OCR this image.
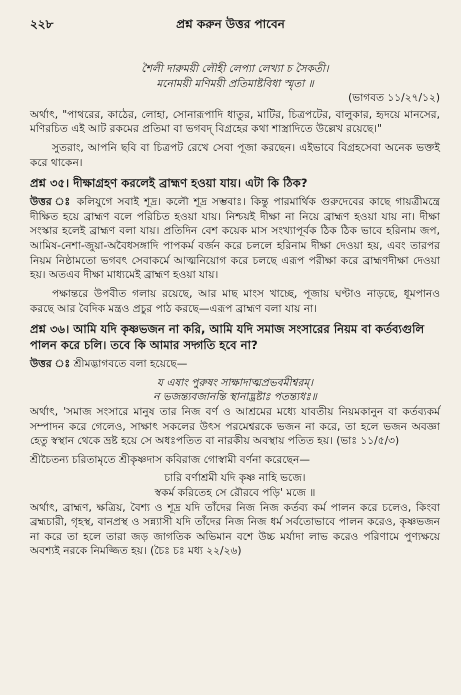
২২৮	প্রশ্ন করুন উত্তর পাবেন

শৈলী দারুময়ী লৌহী লেপ্যা লেখ্যা চ সৈকতী।

মনোময়ী মণিময়ী প্রতিমাষ্টবিধা স্মৃতা ॥

(ভাগবত ১১/২৭/১২)

অর্থাৎ, "পাথরের, কাঠের, লোহা, সোনারূপাদি ধাতুর, মাটির, চিত্রপটের, বালুকার, হৃদয়ে মানসের, মণিরচিত এই আট রকমের প্রতিমা বা ভগবদ্ বিগ্রহের কথা শাস্ত্রাদিতে উল্লেখ রয়েছে।"

সুতরাং, আপনি ছবি বা চিত্রপট রেখে সেবা পূজা করছেন। এইভাবে বিগ্রহসেবা অনেক ভক্তই করে থাকেন।

প্রশ্ন ৩৫। দীক্ষাগ্রহণ করলেই ব্রাহ্মণ হওয়া যায়। এটা কি ঠিক?

উত্তর ঃ কলিযুগে সবাই শূদ্র। কলৌ শূদ্র সম্ভবাঃ। কিন্তু পারমার্থিক গুরুদেবের কাছে গায়ত্রীমন্ত্রে দীক্ষিত হয়ে ব্রাহ্মণ বলে পরিচিত হওয়া যায়। নিশ্চয়ই দীক্ষা না নিয়ে ব্রাহ্মণ হওয়া যায় না। দীক্ষা সংস্কার হলেই ব্রাহ্মণ বলা যায়। প্রতিদিন বেশ কয়েক মাস সংখ্যাপূর্বক ঠিক ঠিক ভাবে হরিনাম জপ, আমিষ-নেশা-জুয়া-অবৈধসঙ্গাদি পাপকর্ম বর্জন করে চললে হরিনাম দীক্ষা দেওয়া হয়, এবং তারপর নিয়ম নিষ্ঠামতো ভগবৎ সেবাকর্মে আত্মনিয়োগ করে চলছে এরূপ পরীক্ষা করে ব্রাহ্মণদীক্ষা দেওয়া হয়। অতএব দীক্ষা মাধ্যমেই ব্রাহ্মণ হওয়া যায়।

পক্ষান্তরে উপবীত গলায় রয়েছে, আর মাছ মাংস খাচ্ছে, পূজায় ঘণ্টাও নাড়ছে, ধূমপানও করছে আর বৈদিক মন্ত্রও প্রচুর পাঠ করছে—এরূপ ব্রাহ্মণ বলা যায় না।

প্রশ্ন ৩৬। আমি যদি কৃষ্ণভজন না করি, আমি যদি সমাজ সংসারের নিয়ম বা কর্তব্যগুলি পালন করে চলি। তবে কি আমার সদ্গতি হবে না?

উত্তর ঃ শ্রীমদ্ভাগবতে বলা হয়েছে—

য এষাং পুরুষং সাক্ষাদাত্মপ্রভবমীশ্বরম্।

ন ভজন্ত্যবজানন্তি স্থানাদ্ভ্রষ্টাঃ পতন্ত্যধঃ॥

অর্থাৎ, 'সমাজ সংসারে মানুষ তার নিজ বর্ণ ও আশ্রমের মধ্যে যাবতীয় নিয়মকানুন বা কর্তব্যকর্ম সম্পাদন করে গেলেও, সাক্ষাৎ সকলের উৎস পরমেশ্বরকে ভজন না করে, তা হলে ভজন অবজ্ঞা হেতু স্বস্থান থেকে ভ্রষ্ট হয়ে সে অধঃপতিত বা নারকীয় অবস্থায় পতিত হয়। (ভাঃ ১১/৫/৩)

শ্রীচৈতন্য চরিতামৃতে শ্রীকৃষ্ণদাস কবিরাজ গোস্বামী বর্ণনা করেছেন—

চারি বর্ণাশ্রমী যদি কৃষ্ণ নাহি ভজে।

স্বকর্ম করিতেহ সে রৌরবে পড়ি' মজে ॥

অর্থাৎ, ব্রাহ্মণ, ক্ষত্রিয়, বৈশ্য ও শূদ্র যদি তাঁদের নিজ নিজ কর্তব্য কর্ম পালন করে চলেও, কিংবা ব্রহ্মচারী, গৃহস্থ, বানপ্রস্থ ও সন্ন্যাসী যদি তাঁদের নিজ নিজ ধর্ম সর্বতোভাবে পালন করেও, কৃষ্ণভজন না করে তা হলে তারা জড় জাগতিক অভিমান বশে উচ্চ মর্যাদা লাভ করেও পরিণামে পুণ্যক্ষয়ে অবশ্যই নরকে নিমজ্জিত হয়। (চৈঃ চঃ মধ্য ২২/২৬)
